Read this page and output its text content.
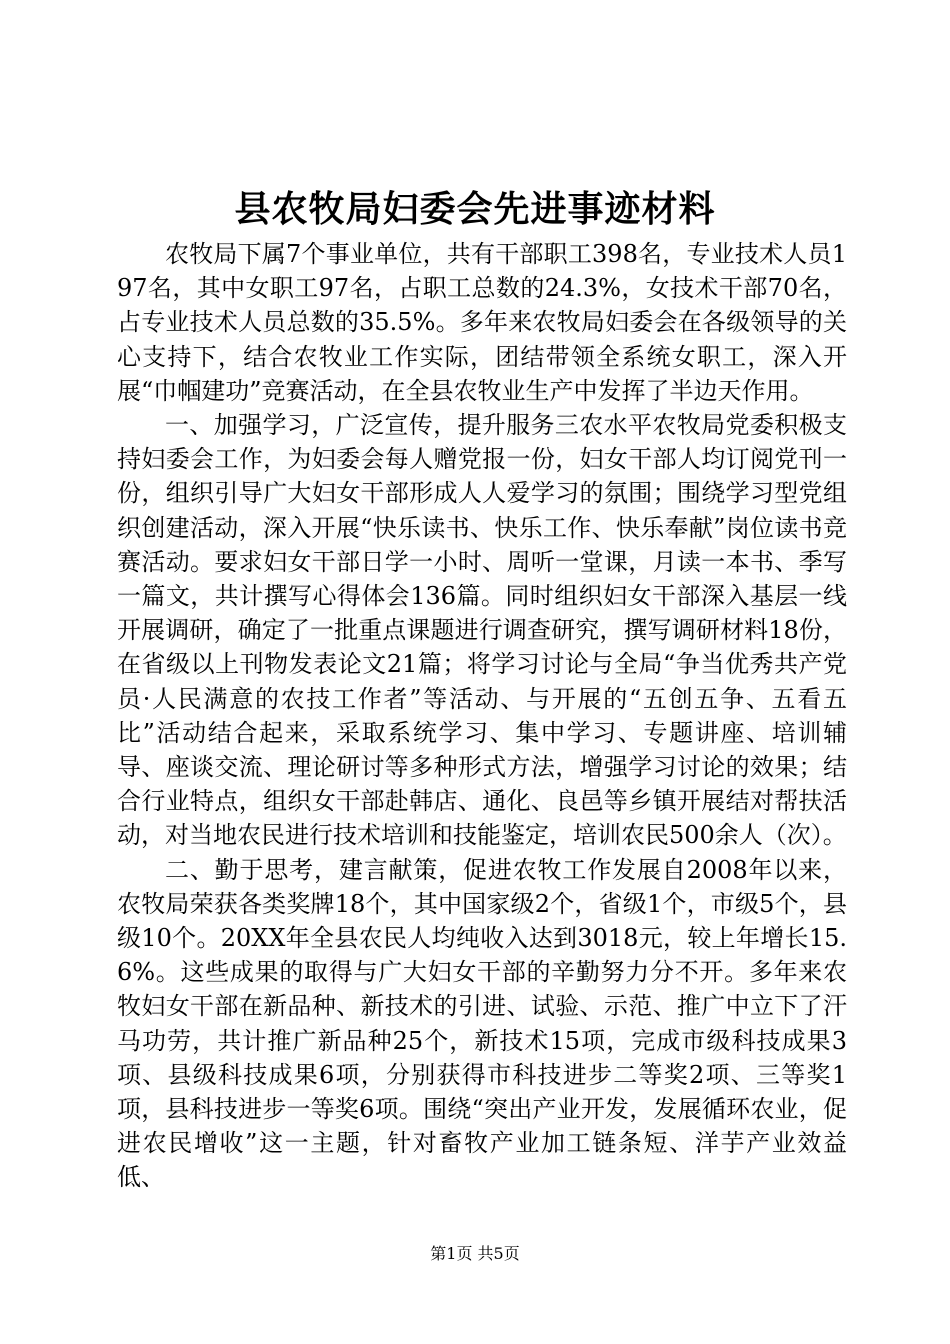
县农牧局妇委会先进事迹材料

农牧局下属7个事业单位，共有干部职工398名，专业技术人员197名，其中女职工97名，占职工总数的24.3%，女技术干部70名，占专业技术人员总数的35.5%。多年来农牧局妇委会在各级领导的关心支持下，结合农牧业工作实际，团结带领全系统女职工，深入开展“巾帼建功”竞赛活动，在全县农牧业生产中发挥了半边天作用。

一、加强学习，广泛宣传，提升服务三农水平农牧局党委积极支持妇委会工作，为妇委会每人赠党报一份，妇女干部人均订阅党刊一份，组织引导广大妇女干部形成人人爱学习的氛围；围绕学习型党组织创建活动，深入开展“快乐读书、快乐工作、快乐奉献”岗位读书竞赛活动。要求妇女干部日学一小时、周听一堂课，月读一本书、季写一篇文，共计撰写心得体会136篇。同时组织妇女干部深入基层一线开展调研，确定了一批重点课题进行调查研究，撰写调研材料18份，在省级以上刊物发表论文21篇；将学习讨论与全局“争当优秀共产党员·人民满意的农技工作者”等活动、与开展的“五创五争、五看五比”活动结合起来，采取系统学习、集中学习、专题讲座、培训辅导、座谈交流、理论研讨等多种形式方法，增强学习讨论的效果；结合行业特点，组织女干部赴韩店、通化、良邑等乡镇开展结对帮扶活动，对当地农民进行技术培训和技能鉴定，培训农民500余人（次）。

二、勤于思考，建言献策，促进农牧工作发展自2008年以来，农牧局荣获各类奖牌18个，其中国家级2个，省级1个，市级5个，县级10个。20XX年全县农民人均纯收入达到3018元，较上年增长15.6%。这些成果的取得与广大妇女干部的辛勤努力分不开。多年来农牧妇女干部在新品种、新技术的引进、试验、示范、推广中立下了汗马功劳，共计推广新品种25个，新技术15项，完成市级科技成果3项、县级科技成果6项，分别获得市科技进步二等奖2项、三等奖1项，县科技进步一等奖6项。围绕“突出产业开发，发展循环农业，促进农民增收”这一主题，针对畜牧产业加工链条短、洋芋产业效益低、

第1页 共5页
